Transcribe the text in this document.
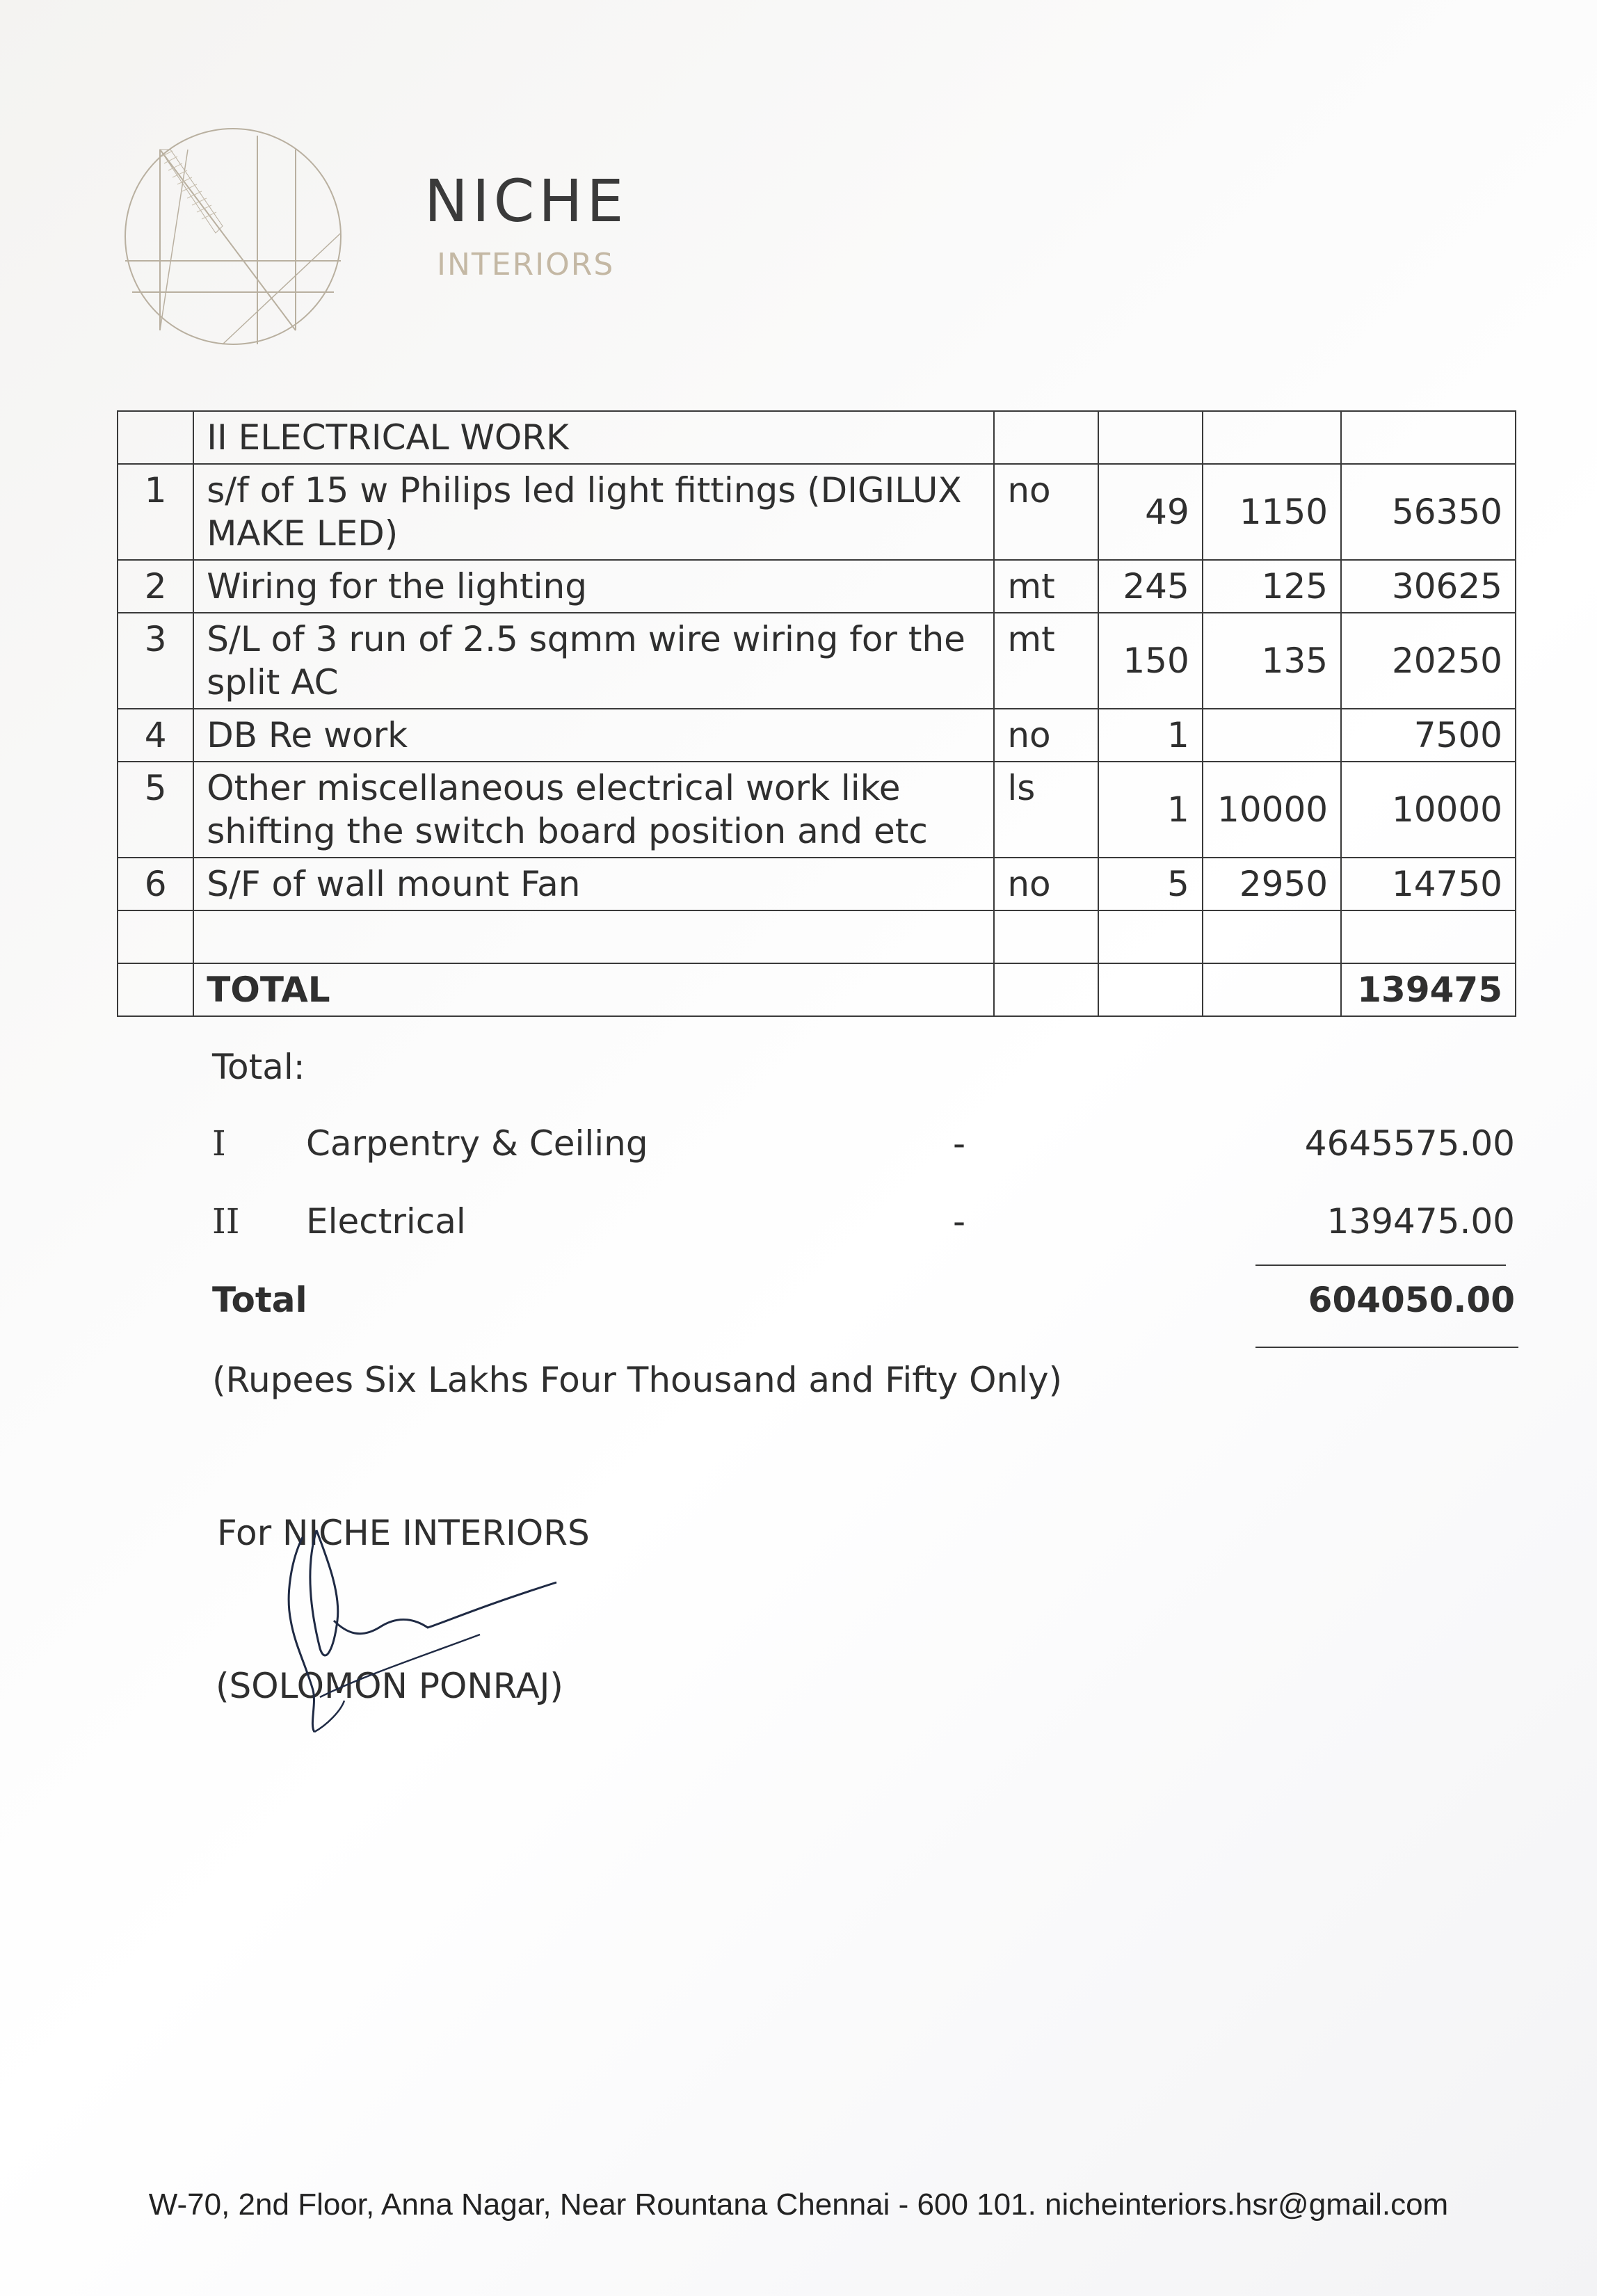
NICHE
INTERIORS
	II ELECTRICAL WORK				
1	s/f of 15 w Philips led light fittings (DIGILUX MAKE LED)	no	49	1150	56350
2	Wiring for the lighting	mt	245	125	30625
3	S/L of 3 run of 2.5 sqmm wire wiring for the split AC	mt	150	135	20250
4	DB Re work	no	1		7500
5	Other miscellaneous electrical work like shifting the switch board position and etc	ls	1	10000	10000
6	S/F of wall mount Fan	no	5	2950	14750

	TOTAL				139475
Total:
I Carpentry & Ceiling	-	4645575.00
II Electrical	-	139475.00
Total	604050.00
(Rupees Six Lakhs Four Thousand and Fifty Only)
For NICHE INTERIORS
(SOLOMON PONRAJ)
W-70, 2nd Floor, Anna Nagar, Near Rountana Chennai - 600 101. nicheinteriors.hsr@gmail.com
